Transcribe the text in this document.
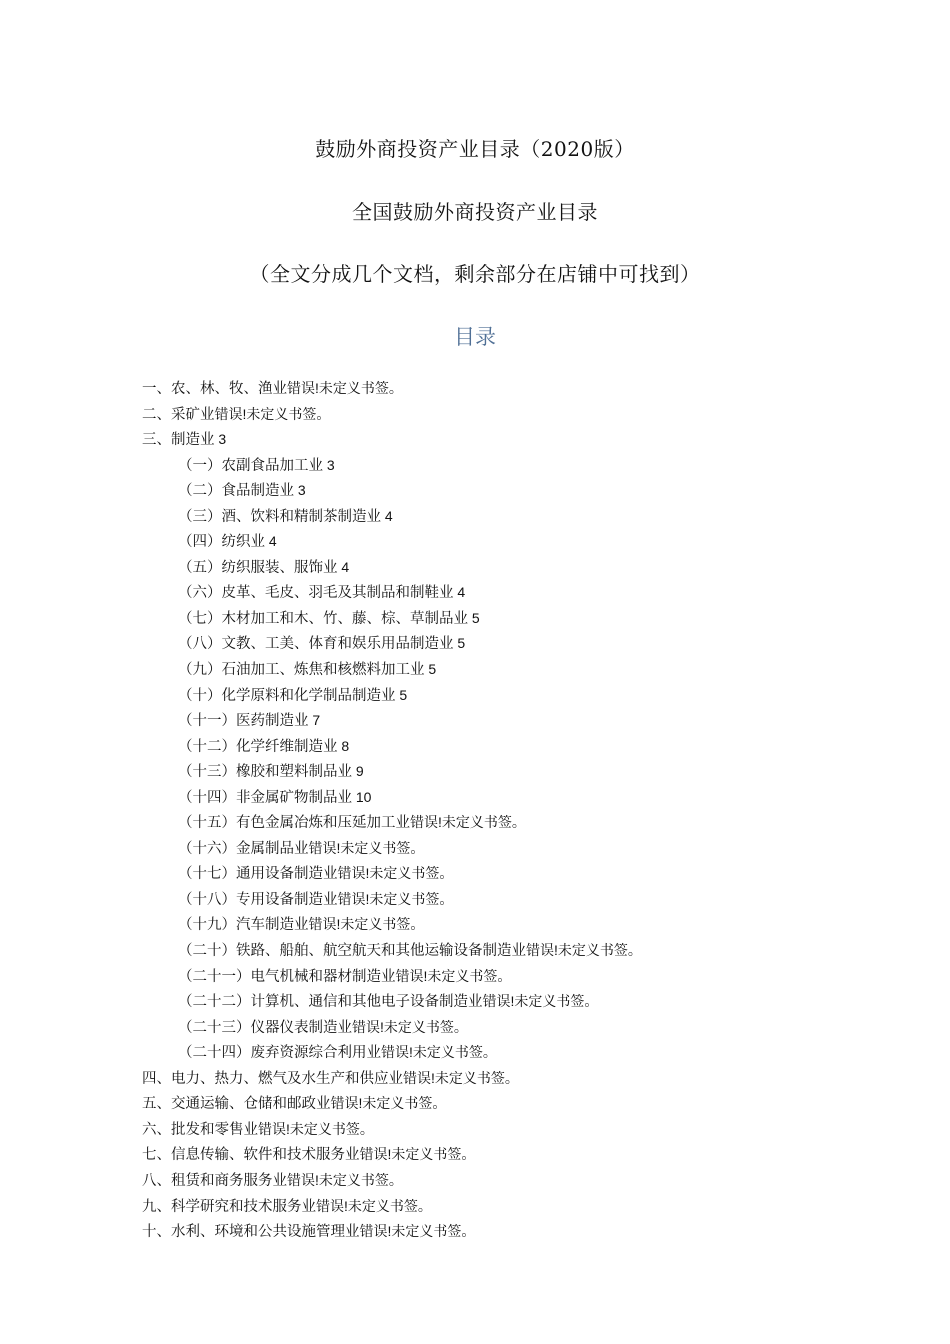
鼓励外商投资产业目录（2020版）
全国鼓励外商投资产业目录
（全文分成几个文档，剩余部分在店铺中可找到）
目录
一、农、林、牧、渔业错误!未定义书签。
二、采矿业错误!未定义书签。
三、制造业 3
（一）农副食品加工业 3
（二）食品制造业 3
（三）酒、饮料和精制茶制造业 4
（四）纺织业 4
（五）纺织服装、服饰业 4
（六）皮革、毛皮、羽毛及其制品和制鞋业 4
（七）木材加工和木、竹、藤、棕、草制品业 5
（八）文教、工美、体育和娱乐用品制造业 5
（九）石油加工、炼焦和核燃料加工业 5
（十）化学原料和化学制品制造业 5
（十一）医药制造业 7
（十二）化学纤维制造业 8
（十三）橡胶和塑料制品业 9
（十四）非金属矿物制品业 10
（十五）有色金属冶炼和压延加工业错误!未定义书签。
（十六）金属制品业错误!未定义书签。
（十七）通用设备制造业错误!未定义书签。
（十八）专用设备制造业错误!未定义书签。
（十九）汽车制造业错误!未定义书签。
（二十）铁路、船舶、航空航天和其他运输设备制造业错误!未定义书签。
（二十一）电气机械和器材制造业错误!未定义书签。
（二十二）计算机、通信和其他电子设备制造业错误!未定义书签。
（二十三）仪器仪表制造业错误!未定义书签。
（二十四）废弃资源综合利用业错误!未定义书签。
四、电力、热力、燃气及水生产和供应业错误!未定义书签。
五、交通运输、仓储和邮政业错误!未定义书签。
六、批发和零售业错误!未定义书签。
七、信息传输、软件和技术服务业错误!未定义书签。
八、租赁和商务服务业错误!未定义书签。
九、科学研究和技术服务业错误!未定义书签。
十、水利、环境和公共设施管理业错误!未定义书签。
